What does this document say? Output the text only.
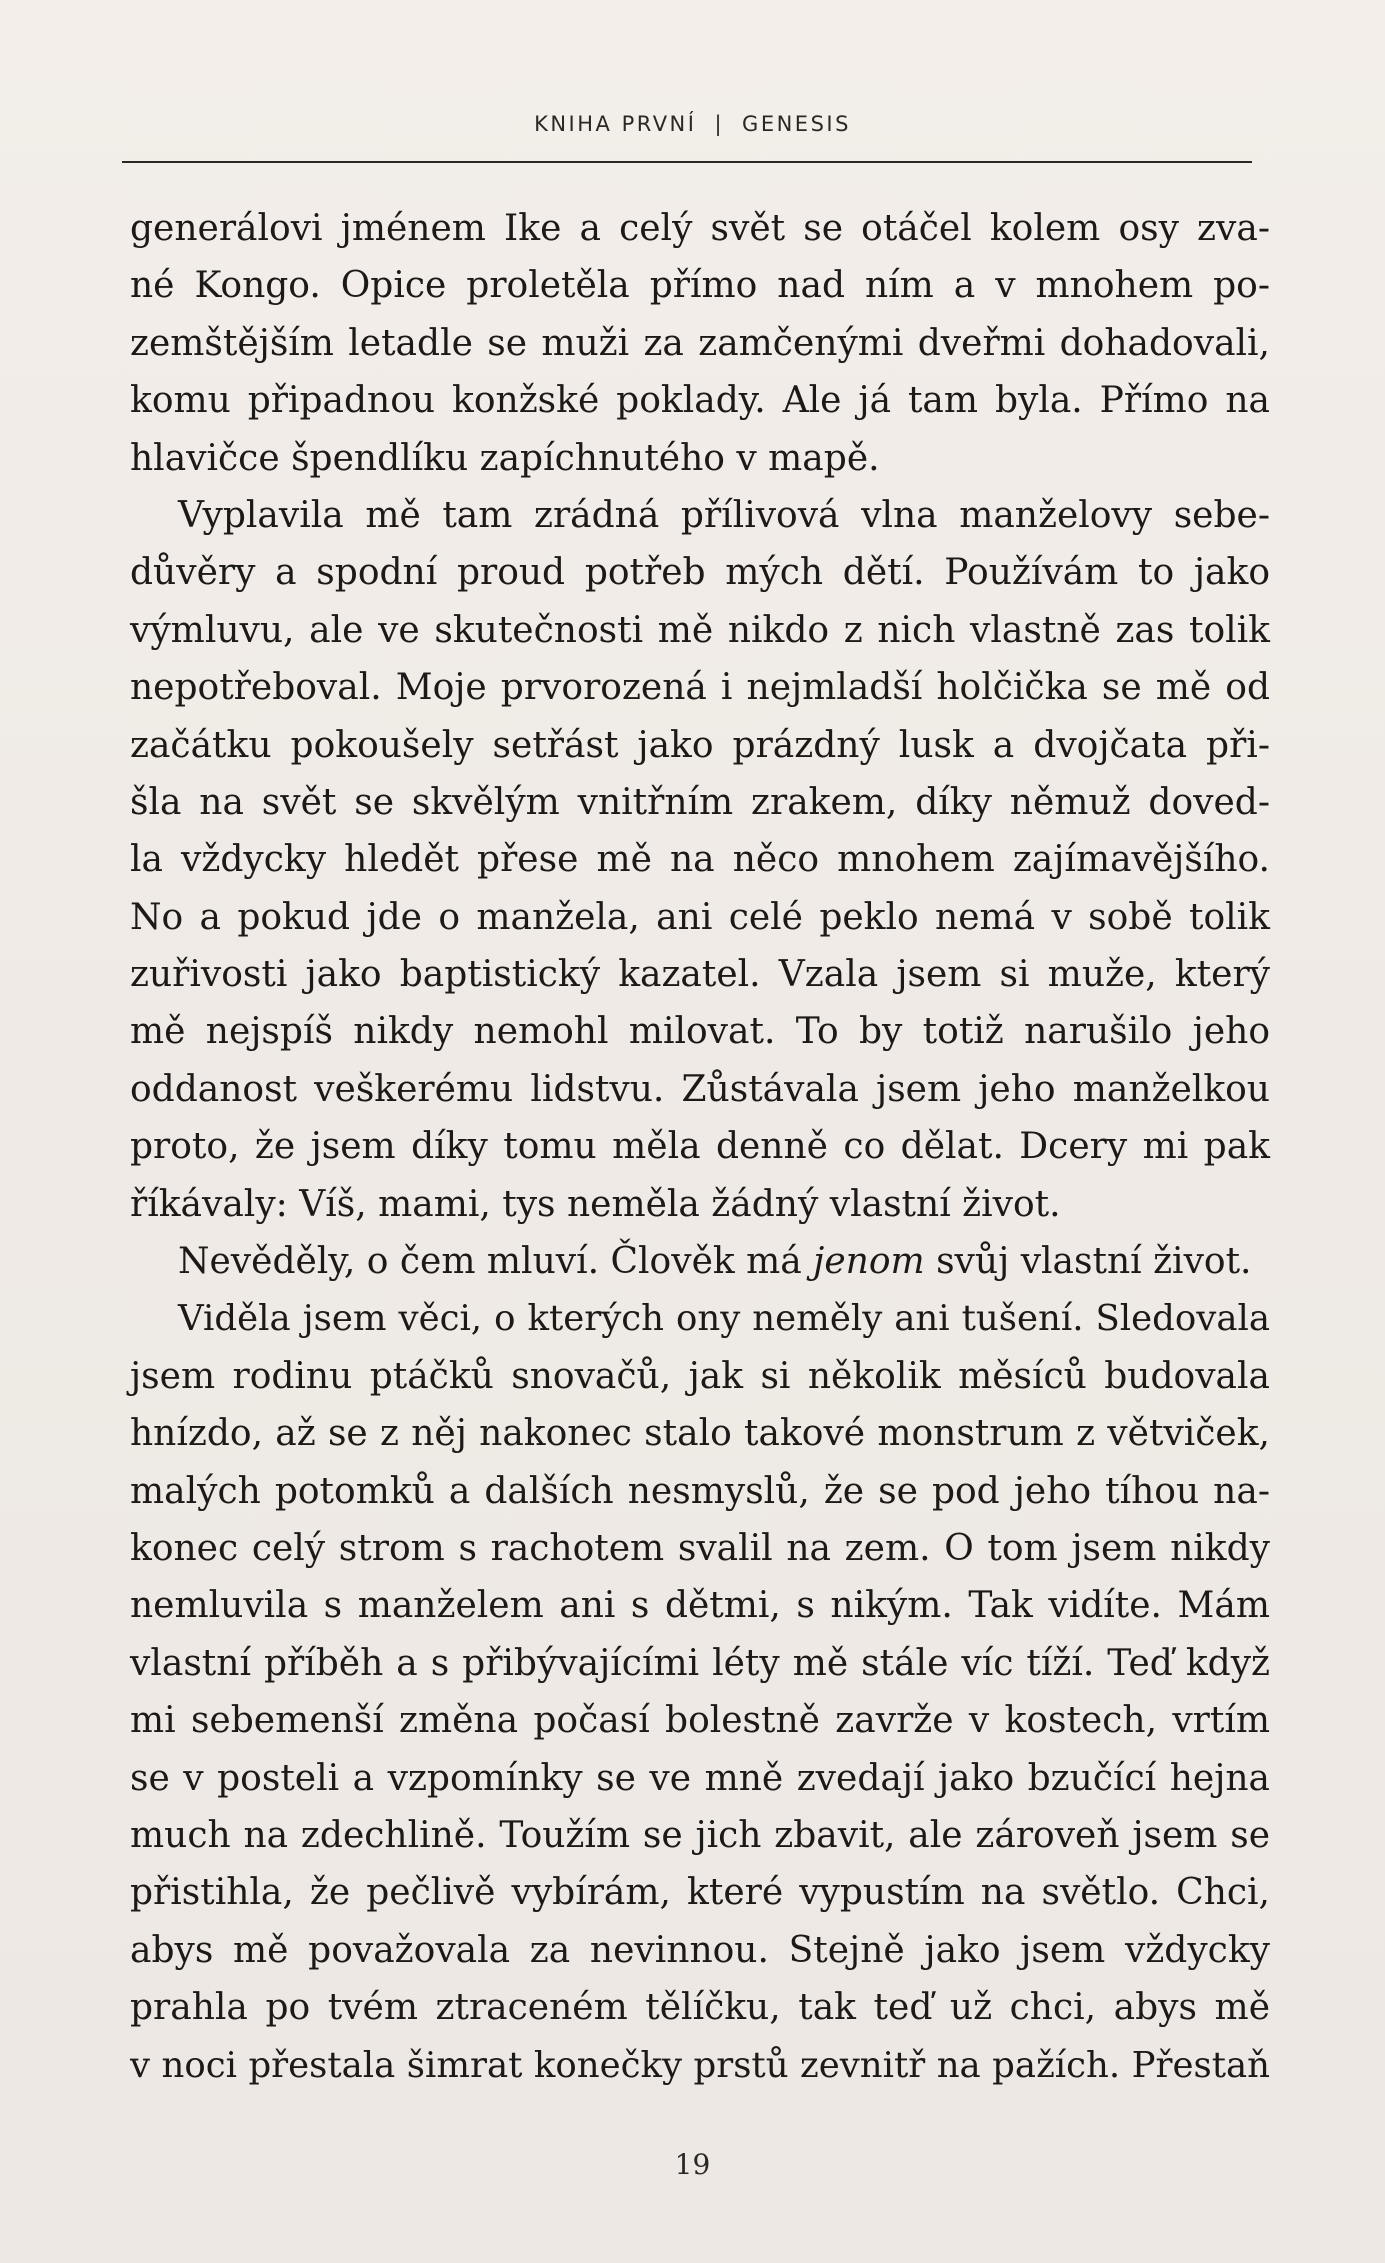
KNIHA PRVNÍ | GENESIS
generálovi jménem Ike a celý svět se otáčel kolem osy zva-
né Kongo. Opice proletěla přímo nad ním a v mnohem po-
zemštějším letadle se muži za zamčenými dveřmi dohadovali,
komu připadnou konžské poklady. Ale já tam byla. Přímo na
hlavičce špendlíku zapíchnutého v mapě.
Vyplavila mě tam zrádná přílivová vlna manželovy sebe-
důvěry a spodní proud potřeb mých dětí. Používám to jako
výmluvu, ale ve skutečnosti mě nikdo z nich vlastně zas tolik
nepotřeboval. Moje prvorozená i nejmladší holčička se mě od
začátku pokoušely setřást jako prázdný lusk a dvojčata při-
šla na svět se skvělým vnitřním zrakem, díky němuž doved-
la vždycky hledět přese mě na něco mnohem zajímavějšího.
No a pokud jde o manžela, ani celé peklo nemá v sobě tolik
zuřivosti jako baptistický kazatel. Vzala jsem si muže, který
mě nejspíš nikdy nemohl milovat. To by totiž narušilo jeho
oddanost veškerému lidstvu. Zůstávala jsem jeho manželkou
proto, že jsem díky tomu měla denně co dělat. Dcery mi pak
říkávaly: Víš, mami, tys neměla žádný vlastní život.
Nevěděly, o čem mluví. Člověk má jenom svůj vlastní život.
Viděla jsem věci, o kterých ony neměly ani tušení. Sledovala
jsem rodinu ptáčků snovačů, jak si několik měsíců budovala
hnízdo, až se z něj nakonec stalo takové monstrum z větviček,
malých potomků a dalších nesmyslů, že se pod jeho tíhou na-
konec celý strom s rachotem svalil na zem. O tom jsem nikdy
nemluvila s manželem ani s dětmi, s nikým. Tak vidíte. Mám
vlastní příběh a s přibývajícími léty mě stále víc tíží. Teď když
mi sebemenší změna počasí bolestně zavrže v kostech, vrtím
se v posteli a vzpomínky se ve mně zvedají jako bzučící hejna
much na zdechlině. Toužím se jich zbavit, ale zároveň jsem se
přistihla, že pečlivě vybírám, které vypustím na světlo. Chci,
abys mě považovala za nevinnou. Stejně jako jsem vždycky
prahla po tvém ztraceném tělíčku, tak teď už chci, abys mě
v noci přestala šimrat konečky prstů zevnitř na pažích. Přestaň
19
